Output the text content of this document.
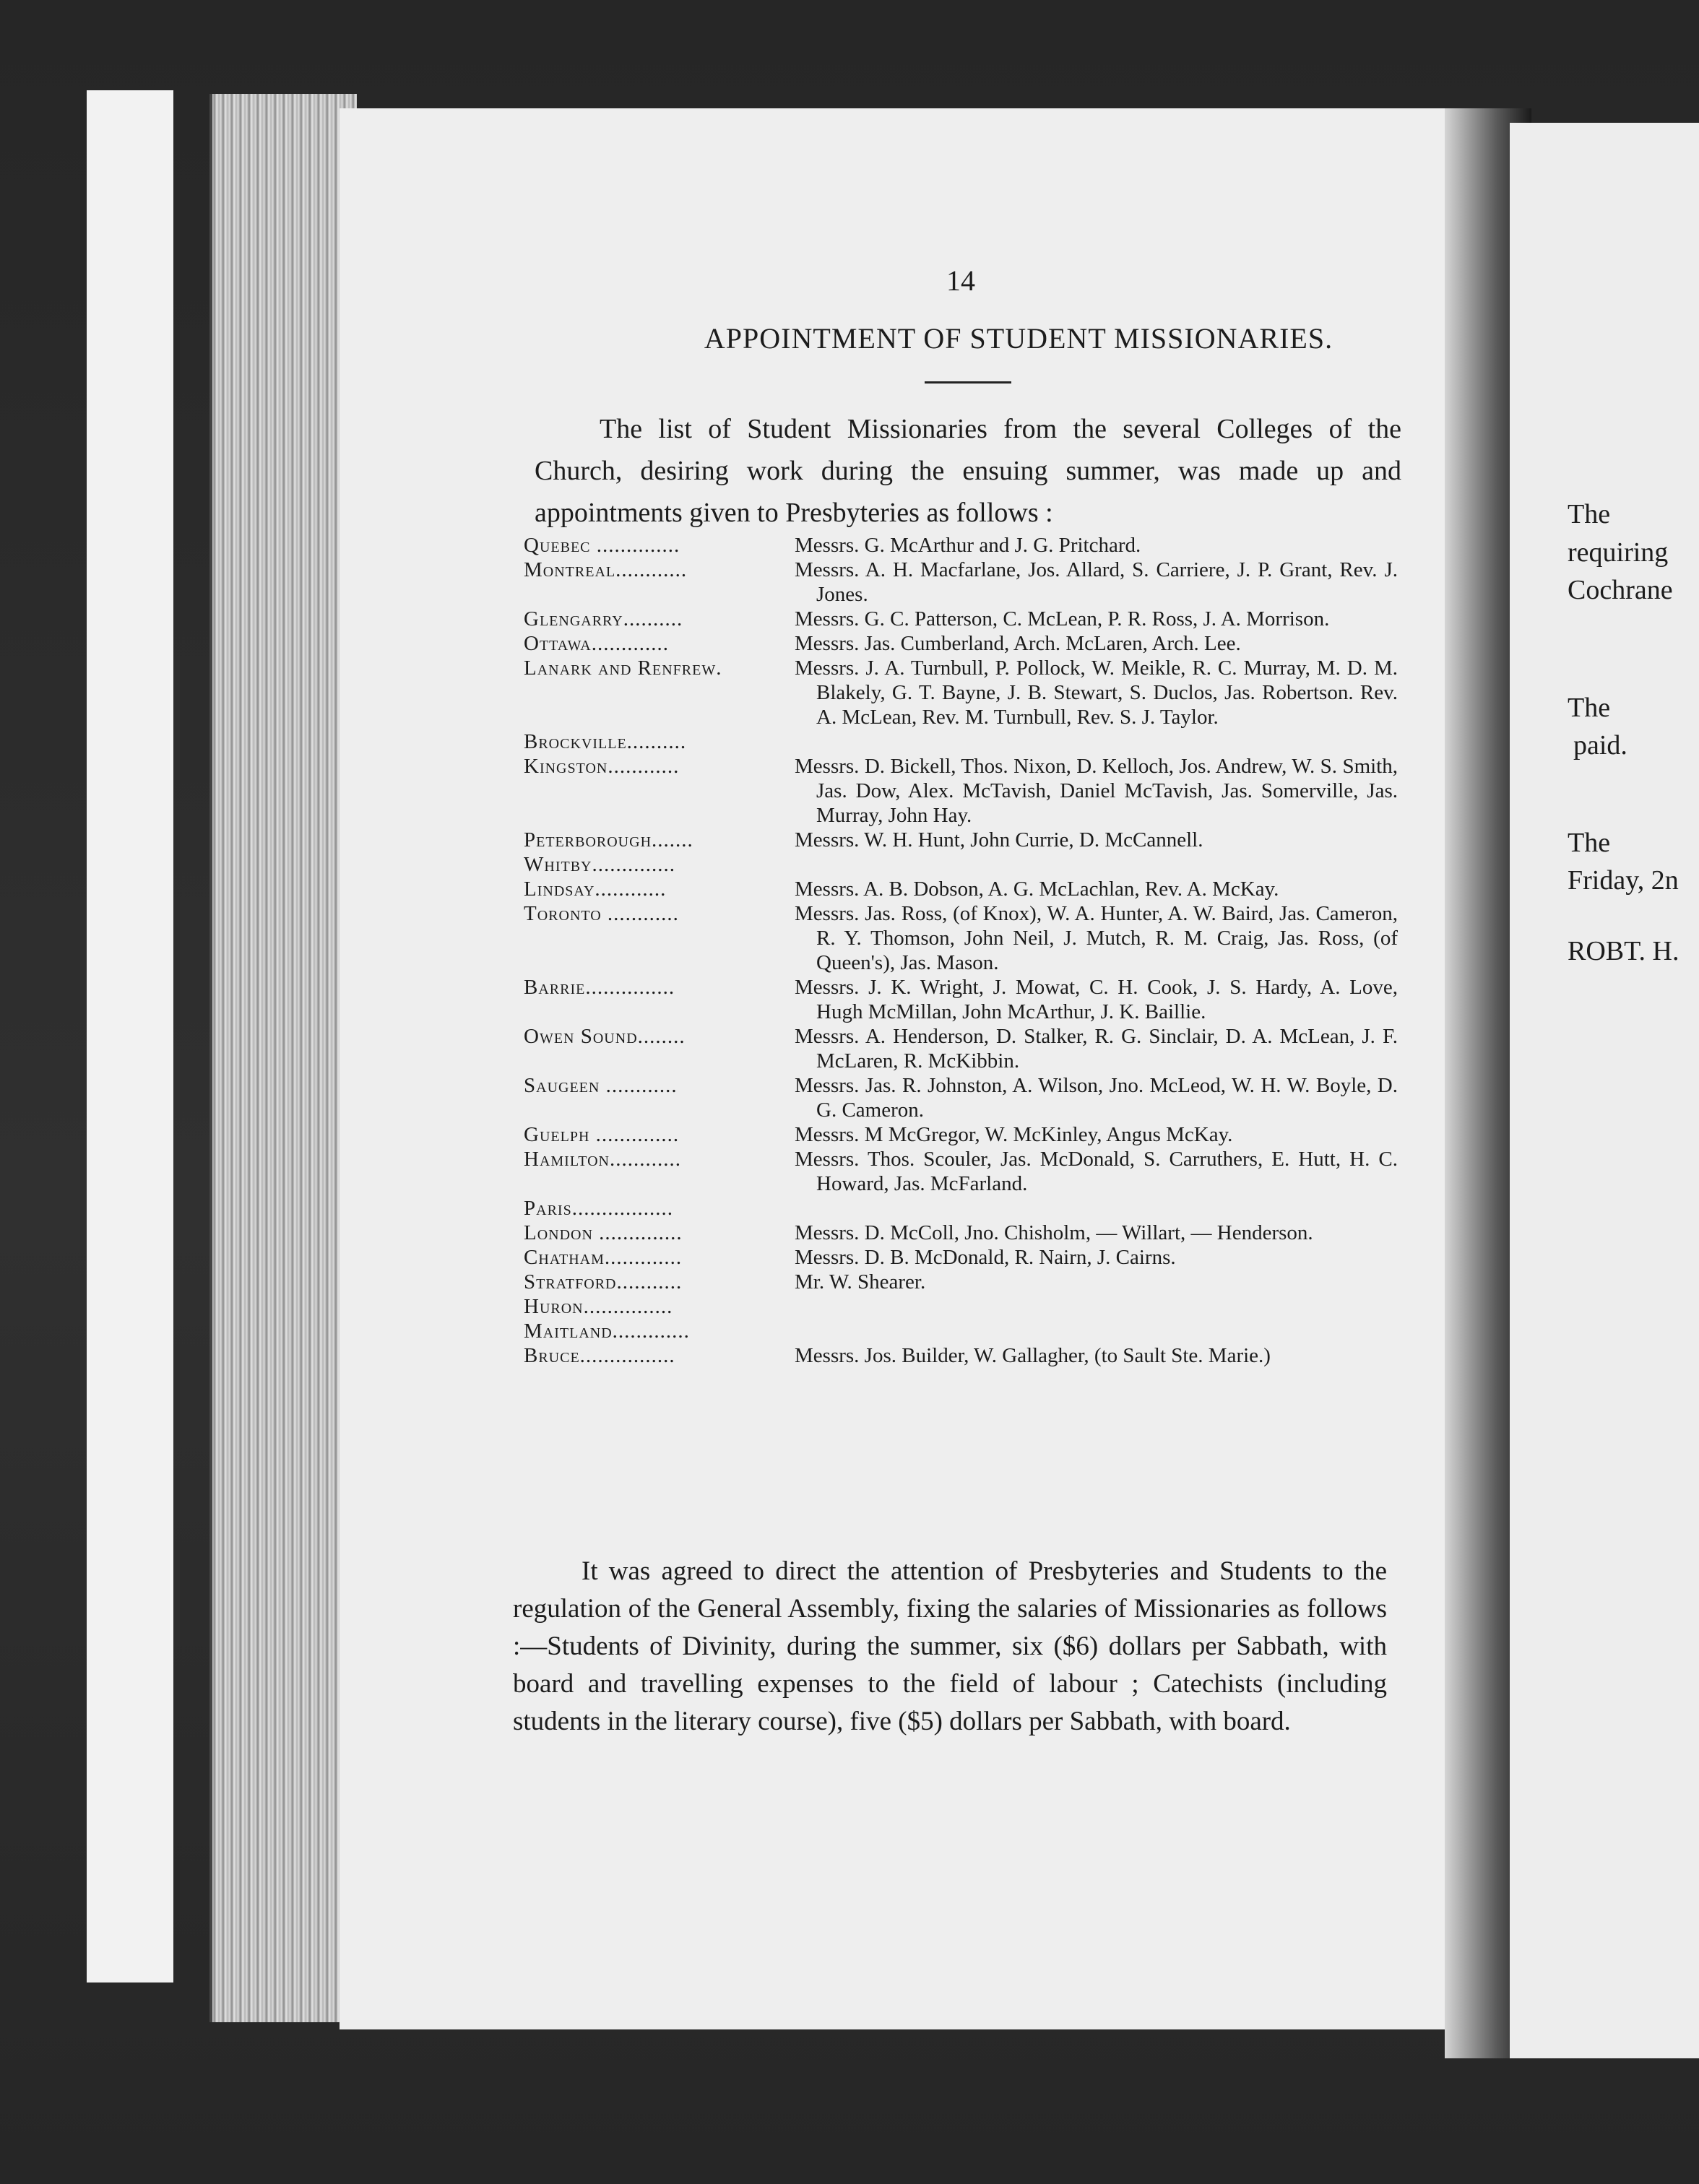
14
APPOINTMENT OF STUDENT MISSIONARIES.

The list of Student Missionaries from the several Colleges of the Church, desiring work during the ensuing summer, was made up and appointments given to Presbyteries as follows :

Quebec ..............	Messrs. G. McArthur and J. G. Pritchard.
Montreal............	Messrs. A. H. Macfarlane, Jos. Allard, S. Carriere, J. P. Grant, Rev. J. Jones.
Glengarry..........	Messrs. G. C. Patterson, C. McLean, P. R. Ross, J. A. Morrison.
Ottawa.............	Messrs. Jas. Cumberland, Arch. McLaren, Arch. Lee.
Lanark and Renfrew.	Messrs. J. A. Turnbull, P. Pollock, W. Meikle, R. C. Murray, M. D. M. Blakely, G. T. Bayne, J. B. Stewart, S. Duclos, Jas. Robertson. Rev. A. McLean, Rev. M. Turnbull, Rev. S. J. Taylor.
Brockville..........
Kingston............	Messrs. D. Bickell, Thos. Nixon, D. Kelloch, Jos. Andrew, W. S. Smith, Jas. Dow, Alex. McTavish, Daniel McTavish, Jas. Somerville, Jas. Murray, John Hay.
Peterborough.......	Messrs. W. H. Hunt, John Currie, D. McCannell.
Whitby..............
Lindsay............	Messrs. A. B. Dobson, A. G. McLachlan, Rev. A. McKay.
Toronto ............	Messrs. Jas. Ross, (of Knox), W. A. Hunter, A. W. Baird, Jas. Cameron, R. Y. Thomson, John Neil, J. Mutch, R. M. Craig, Jas. Ross, (of Queen's), Jas. Mason.
Barrie...............	Messrs. J. K. Wright, J. Mowat, C. H. Cook, J. S. Hardy, A. Love, Hugh McMillan, John McArthur, J. K. Baillie.
Owen Sound........	Messrs. A. Henderson, D. Stalker, R. G. Sinclair, D. A. McLean, J. F. McLaren, R. McKibbin.
Saugeen ............	Messrs. Jas. R. Johnston, A. Wilson, Jno. McLeod, W. H. W. Boyle, D. G. Cameron.
Guelph ..............	Messrs. M McGregor, W. McKinley, Angus McKay.
Hamilton............	Messrs. Thos. Scouler, Jas. McDonald, S. Carruthers, E. Hutt, H. C. Howard, Jas. McFarland.
Paris.................
London ..............	Messrs. D. McColl, Jno. Chisholm, — Willart, — Henderson.
Chatham.............	Messrs. D. B. McDonald, R. Nairn, J. Cairns.
Stratford...........	Mr. W. Shearer.
Huron...............
Maitland.............
Bruce................	Messrs. Jos. Builder, W. Gallagher, (to Sault Ste. Marie.)

It was agreed to direct the attention of Presbyteries and Students to the regulation of the General Assembly, fixing the salaries of Missionaries as follows :—Students of Divinity, during the summer, six ($6) dollars per Sabbath, with board and travelling expenses to the field of labour ; Catechists (including students in the literary course), five ($5) dollars per Sabbath, with board.

The
requiring
Cochrane
The
paid.
The
Friday, 2n
ROBT. H.
